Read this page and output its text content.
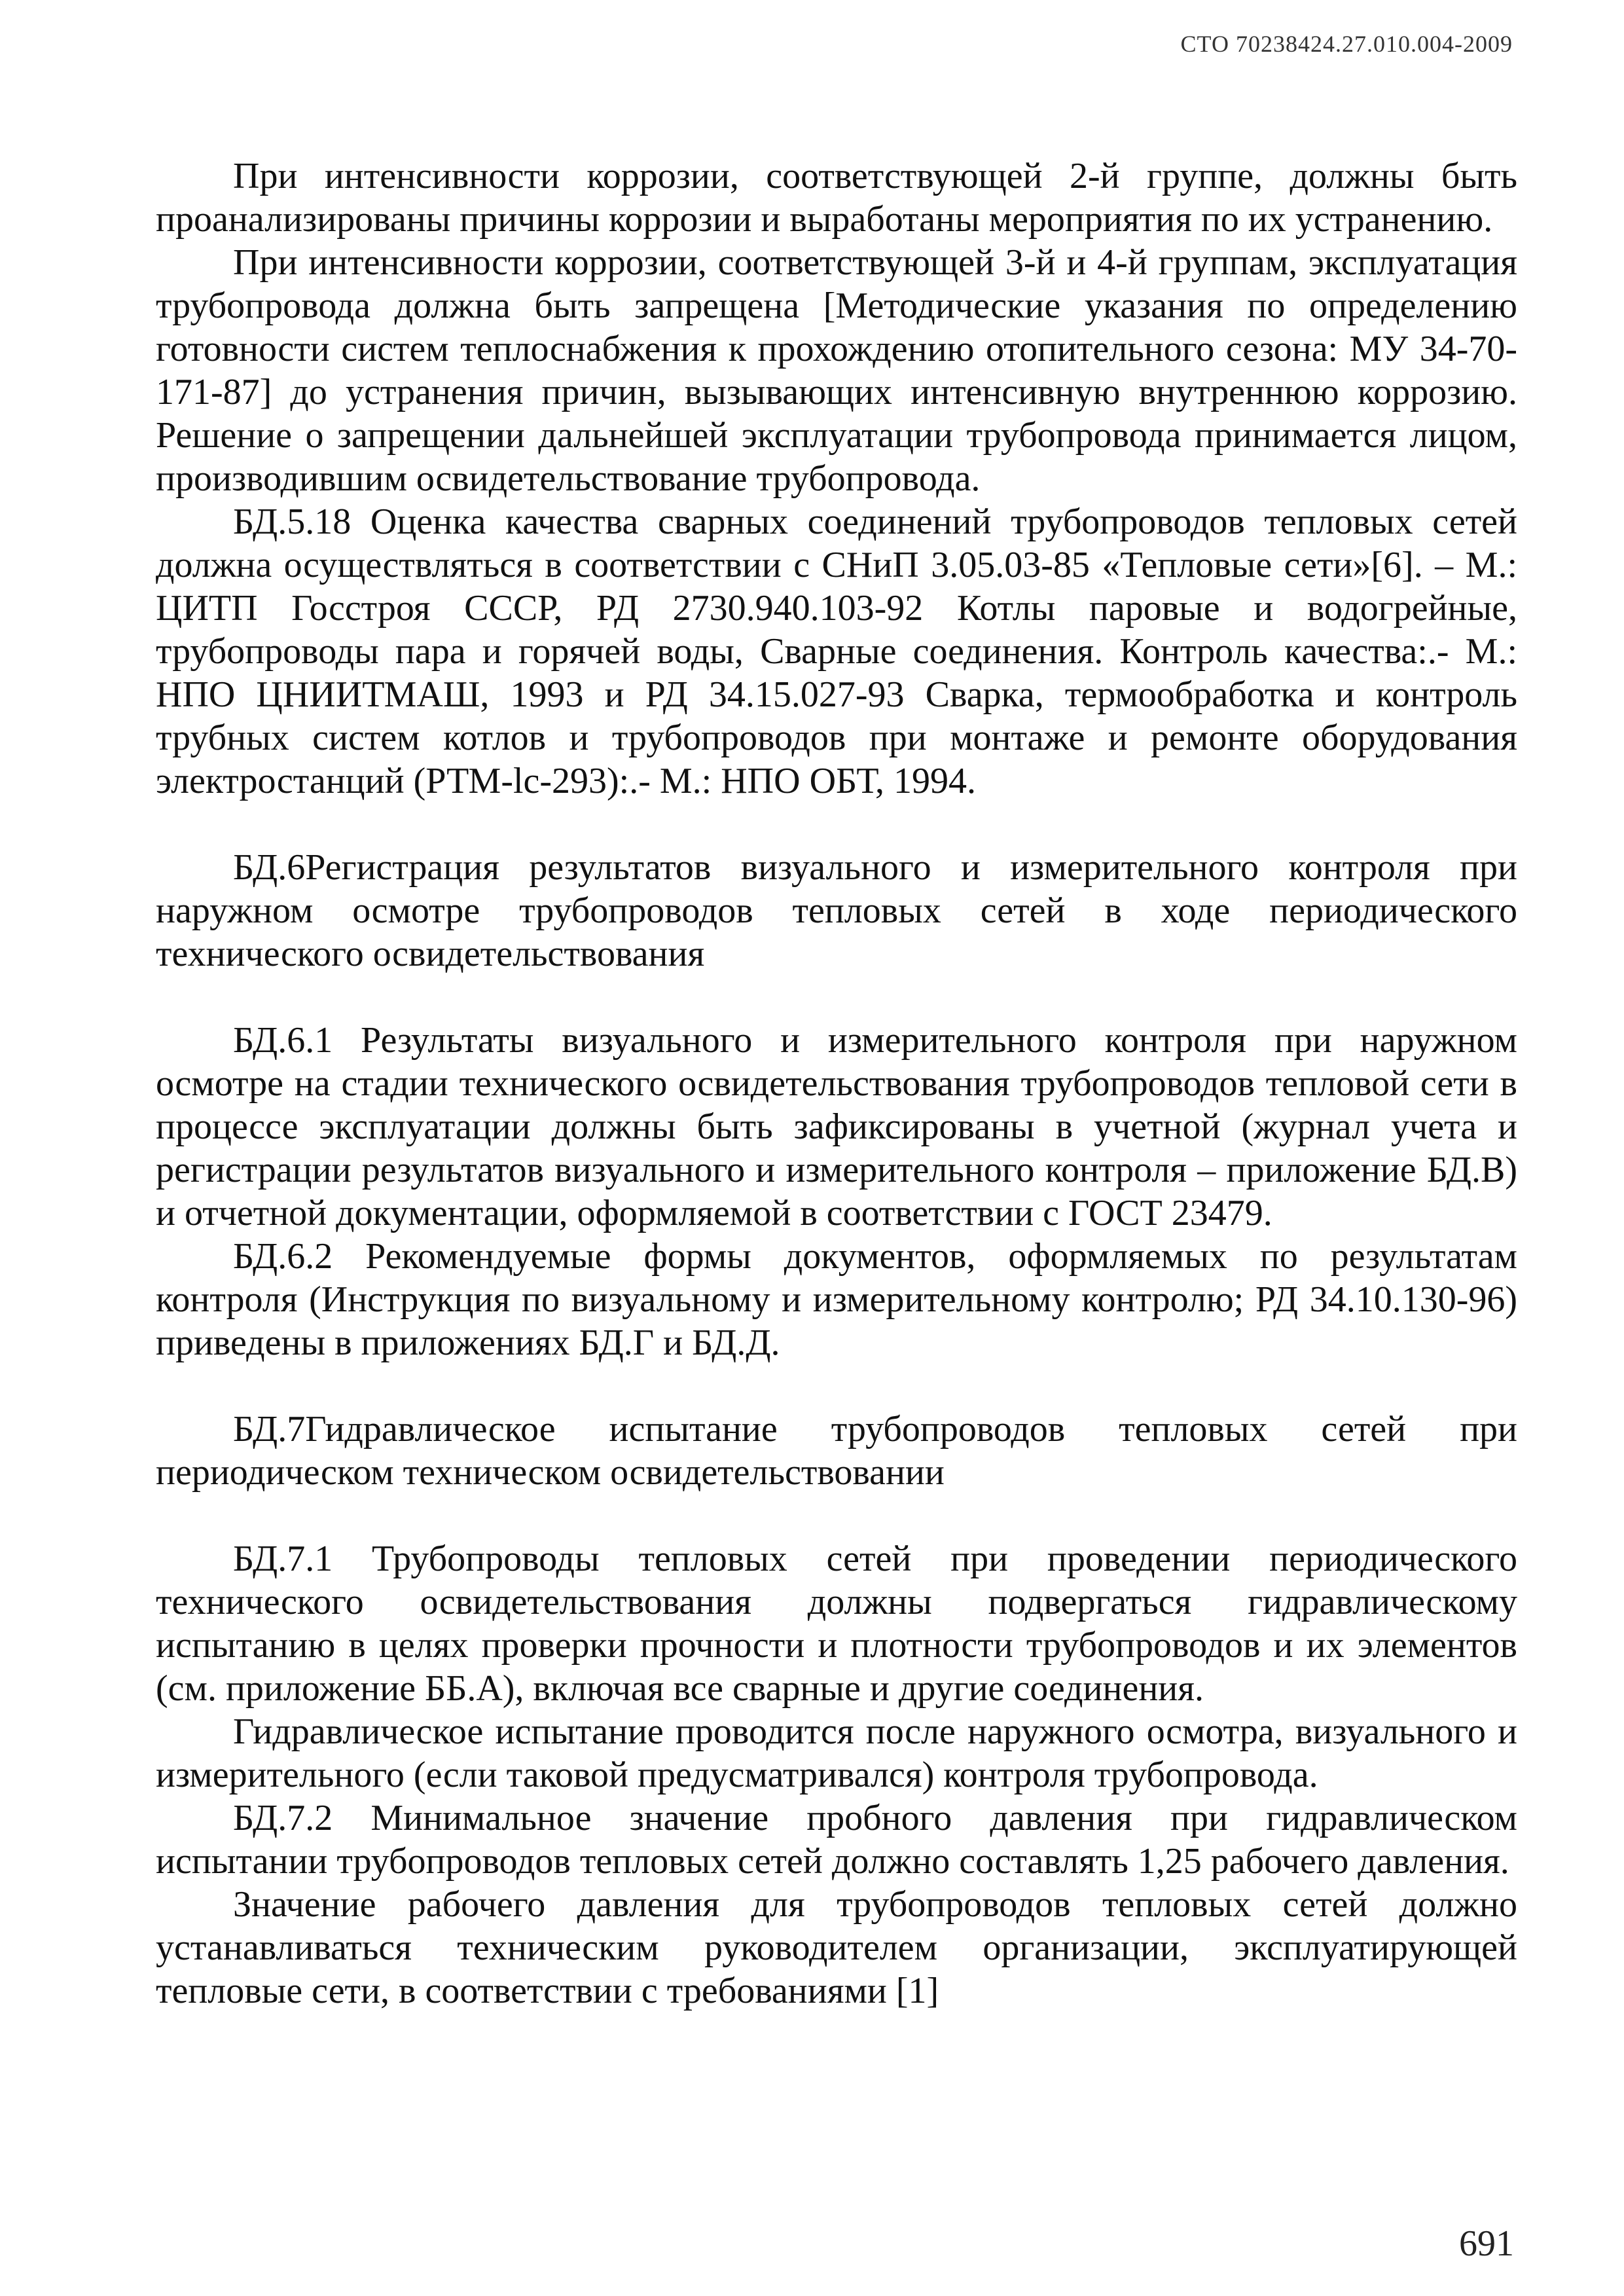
СТО 70238424.27.010.004-2009

При интенсивности коррозии, соответствующей 2-й группе, должны быть проанализированы причины коррозии и выработаны мероприятия по их устранению.

При интенсивности коррозии, соответствующей 3-й и 4-й группам, эксплуатация трубопровода должна быть запрещена [Методические указания по определению готовности систем теплоснабжения к прохождению отопительного сезона: МУ 34-70-171-87] до устранения причин, вызывающих интенсивную внутреннюю коррозию. Решение о запрещении дальнейшей эксплуатации трубопровода принимается лицом, производившим освидетельствование трубопровода.

БД.5.18 Оценка качества сварных соединений трубопроводов тепловых сетей должна осуществляться в соответствии с СНиП 3.05.03-85 «Тепловые сети»[6]. – М.: ЦИТП Госстроя СССР, РД 2730.940.103-92 Котлы паровые и водогрейные, трубопроводы пара и горячей воды, Сварные соединения. Контроль качества:.- М.: НПО ЦНИИТМАШ, 1993 и РД 34.15.027-93 Сварка, термообработка и контроль трубных систем котлов и трубопроводов при монтаже и ремонте оборудования электростанций (РТМ-lc-293):.- М.: НПО ОБТ, 1994.

БД.6Регистрация результатов визуального и измерительного контроля при наружном осмотре трубопроводов тепловых сетей в ходе периодического технического освидетельствования

БД.6.1 Результаты визуального и измерительного контроля при наружном осмотре на стадии технического освидетельствования трубопроводов тепловой сети в процессе эксплуатации должны быть зафиксированы в учетной (журнал учета и регистрации результатов визуального и измерительного контроля – приложение БД.В) и отчетной документации, оформляемой в соответствии с ГОСТ 23479.

БД.6.2 Рекомендуемые формы документов, оформляемых по результатам контроля (Инструкция по визуальному и измерительному контролю; РД 34.10.130-96) приведены в приложениях БД.Г и БД.Д.

БД.7Гидравлическое испытание трубопроводов тепловых сетей при периодическом техническом освидетельствовании

БД.7.1 Трубопроводы тепловых сетей при проведении периодического технического освидетельствования должны подвергаться гидравлическому испытанию в целях проверки прочности и плотности трубопроводов и их элементов (см. приложение ББ.А), включая все сварные и другие соединения.

Гидравлическое испытание проводится после наружного осмотра, визуального и измерительного (если таковой предусматривался) контроля трубопровода.

БД.7.2 Минимальное значение пробного давления при гидравлическом испытании трубопроводов тепловых сетей должно составлять 1,25 рабочего давления.

Значение рабочего давления для трубопроводов тепловых сетей должно устанавливаться техническим руководителем организации, эксплуатирующей тепловые сети, в соответствии с требованиями [1]

691
